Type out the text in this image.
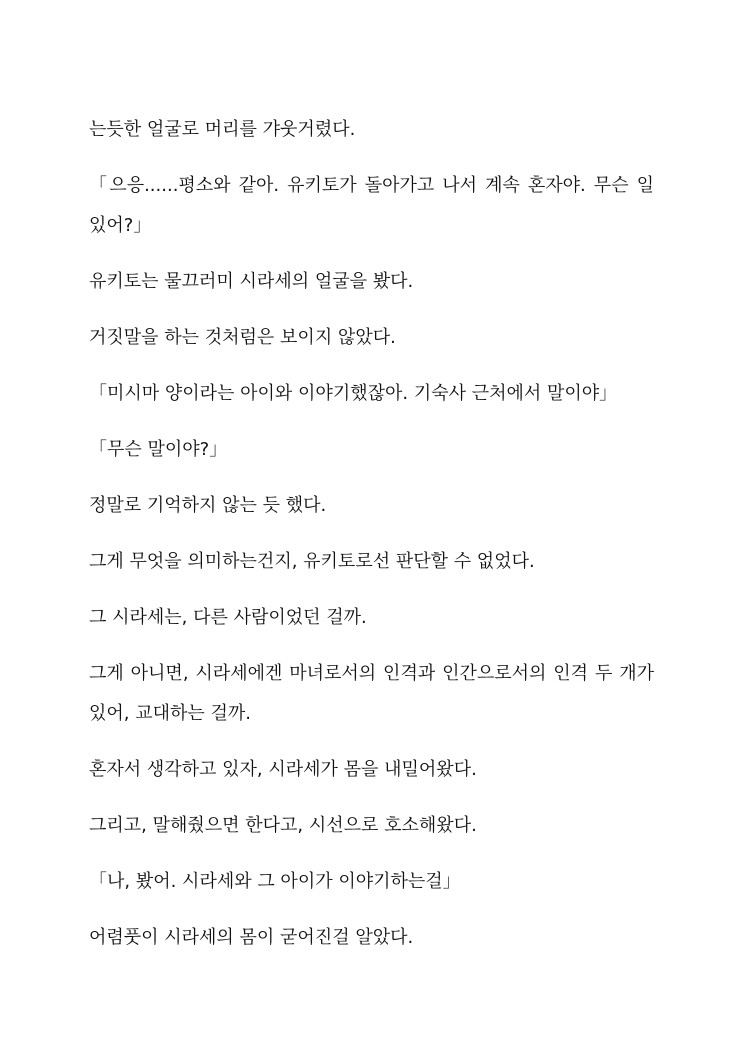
는듯한 얼굴로 머리를 갸웃거렸다.

「으응......평소와 같아. 유키토가 돌아가고 나서 계속 혼자야. 무슨 일 있어?」

유키토는 물끄러미 시라세의 얼굴을 봤다.

거짓말을 하는 것처럼은 보이지 않았다.

「미시마 양이라는 아이와 이야기했잖아. 기숙사 근처에서 말이야」

「무슨 말이야?」

정말로 기억하지 않는 듯 했다.

그게 무엇을 의미하는건지, 유키토로선 판단할 수 없었다.

그 시라세는, 다른 사람이었던 걸까.

그게 아니면, 시라세에겐 마녀로서의 인격과 인간으로서의 인격 두 개가 있어, 교대하는 걸까.

혼자서 생각하고 있자, 시라세가 몸을 내밀어왔다.

그리고, 말해줬으면 한다고, 시선으로 호소해왔다.

「나, 봤어. 시라세와 그 아이가 이야기하는걸」

어렴풋이 시라세의 몸이 굳어진걸 알았다.
